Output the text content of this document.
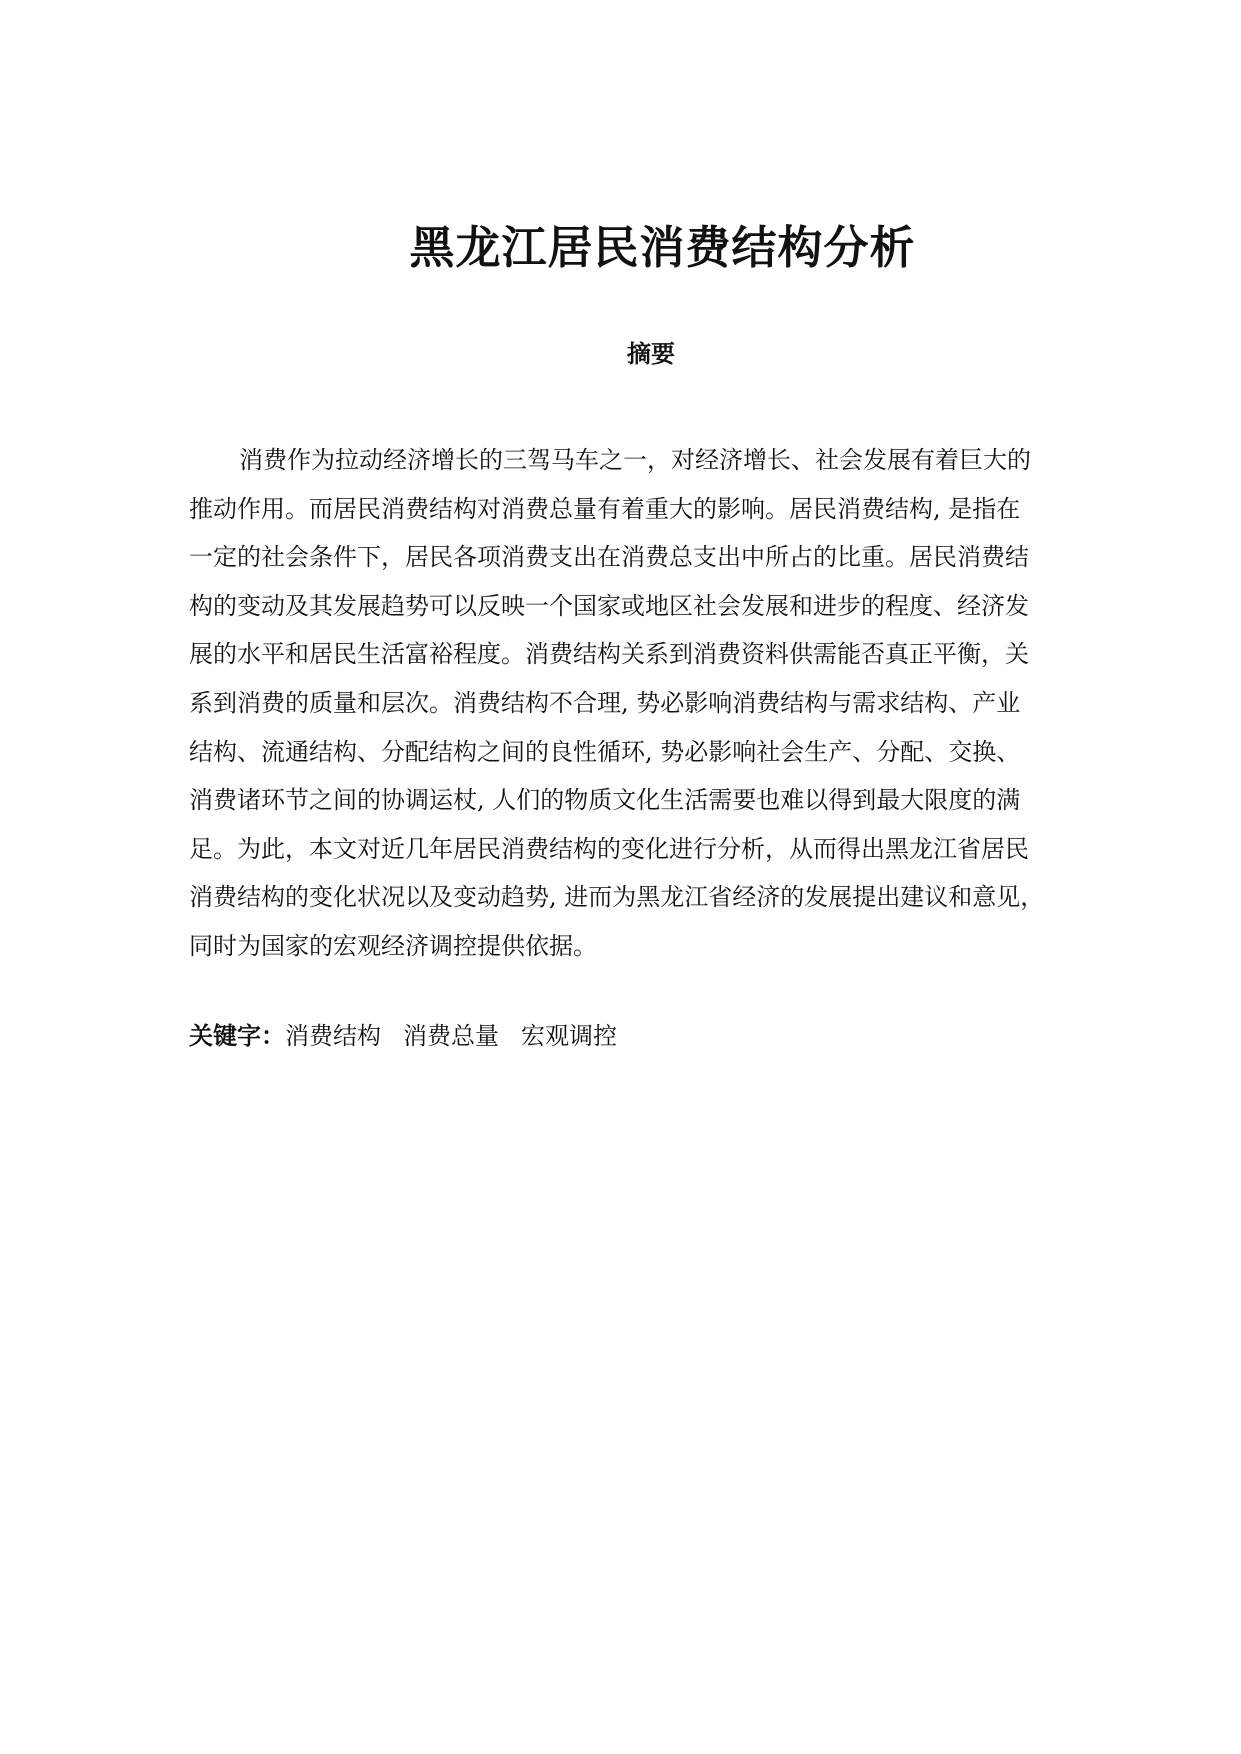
黑龙江居民消费结构分析
摘要
消费作为拉动经济增长的三驾马车之一，对经济增长、社会发展有着巨大的
推动作用。而居民消费结构对消费总量有着重大的影响。居民消费结构, 是指在
一定的社会条件下，居民各项消费支出在消费总支出中所占的比重。居民消费结
构的变动及其发展趋势可以反映一个国家或地区社会发展和进步的程度、经济发
展的水平和居民生活富裕程度。消费结构关系到消费资料供需能否真正平衡，关
系到消费的质量和层次。消费结构不合理, 势必影响消费结构与需求结构、产业
结构、流通结构、分配结构之间的良性循环, 势必影响社会生产、分配、交换、
消费诸环节之间的协调运杖, 人们的物质文化生活需要也难以得到最大限度的满
足。为此，本文对近几年居民消费结构的变化进行分析，从而得出黑龙江省居民
消费结构的变化状况以及变动趋势, 进而为黑龙江省经济的发展提出建议和意见，
同时为国家的宏观经济调控提供依据。
关键字：消费结构 消费总量 宏观调控
